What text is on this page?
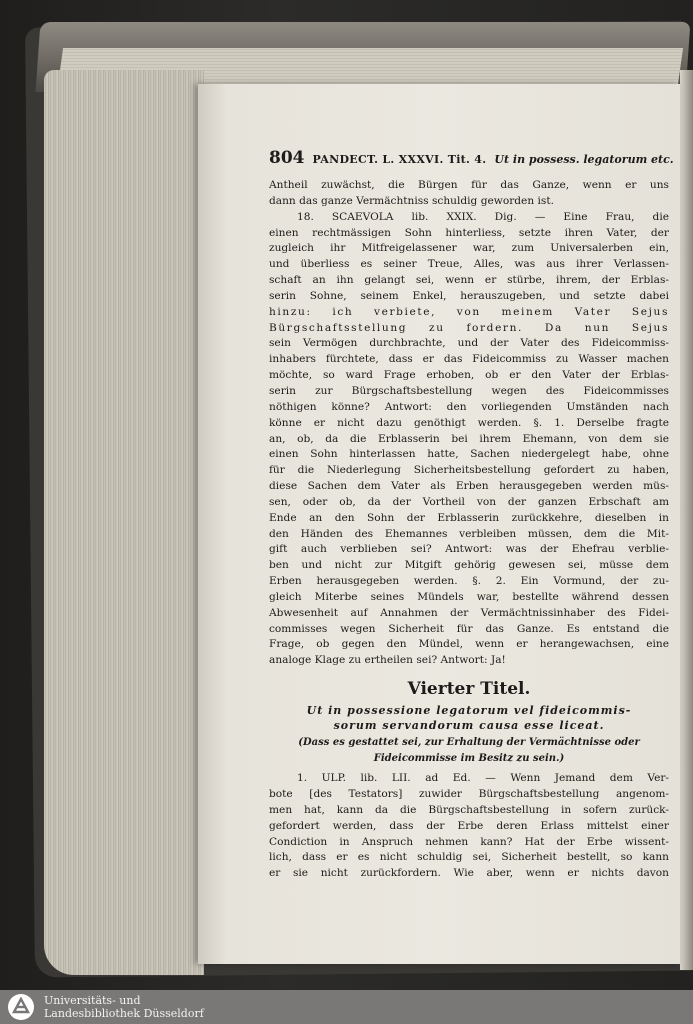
804 PANDECT. L. XXXVI. Tit. 4. Ut in possess. legatorum etc.
Antheil zuwächst, die Bürgen für das Ganze, wenn er uns
dann das ganze Vermächtniss schuldig geworden ist.
18. SCAEVOLA lib. XXIX. Dig. — Eine Frau, die
einen rechtmässigen Sohn hinterliess, setzte ihren Vater, der
zugleich ihr Mitfreigelassener war, zum Universalerben ein,
und überliess es seiner Treue, Alles, was aus ihrer Verlassen-
schaft an ihn gelangt sei, wenn er stürbe, ihrem, der Erblas-
serin Sohne, seinem Enkel, herauszugeben, und setzte dabei
hinzu: ich verbiete, von meinem Vater Sejus
Bürgschaftsstellung zu fordern. Da nun Sejus
sein Vermögen durchbrachte, und der Vater des Fideicommiss-
inhabers fürchtete, dass er das Fideicommiss zu Wasser machen
möchte, so ward Frage erhoben, ob er den Vater der Erblas-
serin zur Bürgschaftsbestellung wegen des Fideicommisses
nöthigen könne? Antwort: den vorliegenden Umständen nach
könne er nicht dazu genöthigt werden. §. 1. Derselbe fragte
an, ob, da die Erblasserin bei ihrem Ehemann, von dem sie
einen Sohn hinterlassen hatte, Sachen niedergelegt habe, ohne
für die Niederlegung Sicherheitsbestellung gefordert zu haben,
diese Sachen dem Vater als Erben herausgegeben werden müs-
sen, oder ob, da der Vortheil von der ganzen Erbschaft am
Ende an den Sohn der Erblasserin zurückkehre, dieselben in
den Händen des Ehemannes verbleiben müssen, dem die Mit-
gift auch verblieben sei? Antwort: was der Ehefrau verblie-
ben und nicht zur Mitgift gehörig gewesen sei, müsse dem
Erben herausgegeben werden. §. 2. Ein Vormund, der zu-
gleich Miterbe seines Mündels war, bestellte während dessen
Abwesenheit auf Annahmen der Vermächtnissinhaber des Fidei-
commisses wegen Sicherheit für das Ganze. Es entstand die
Frage, ob gegen den Mündel, wenn er herangewachsen, eine
analoge Klage zu ertheilen sei? Antwort: Ja!
Vierter Titel.
Ut in possessione legatorum vel fideicommis-
sorum servandorum causa esse liceat.
(Dass es gestattet sei, zur Erhaltung der Vermächtnisse oder
Fideicommisse im Besitz zu sein.)
1. ULP. lib. LII. ad Ed. — Wenn Jemand dem Ver-
bote [des Testators] zuwider Bürgschaftsbestellung angenom-
men hat, kann da die Bürgschaftsbestellung in sofern zurück-
gefordert werden, dass der Erbe deren Erlass mittelst einer
Condiction in Anspruch nehmen kann? Hat der Erbe wissent-
lich, dass er es nicht schuldig sei, Sicherheit bestellt, so kann
er sie nicht zurückfordern. Wie aber, wenn er nichts davon
Universitäts- und
Landesbibliothek Düsseldorf
